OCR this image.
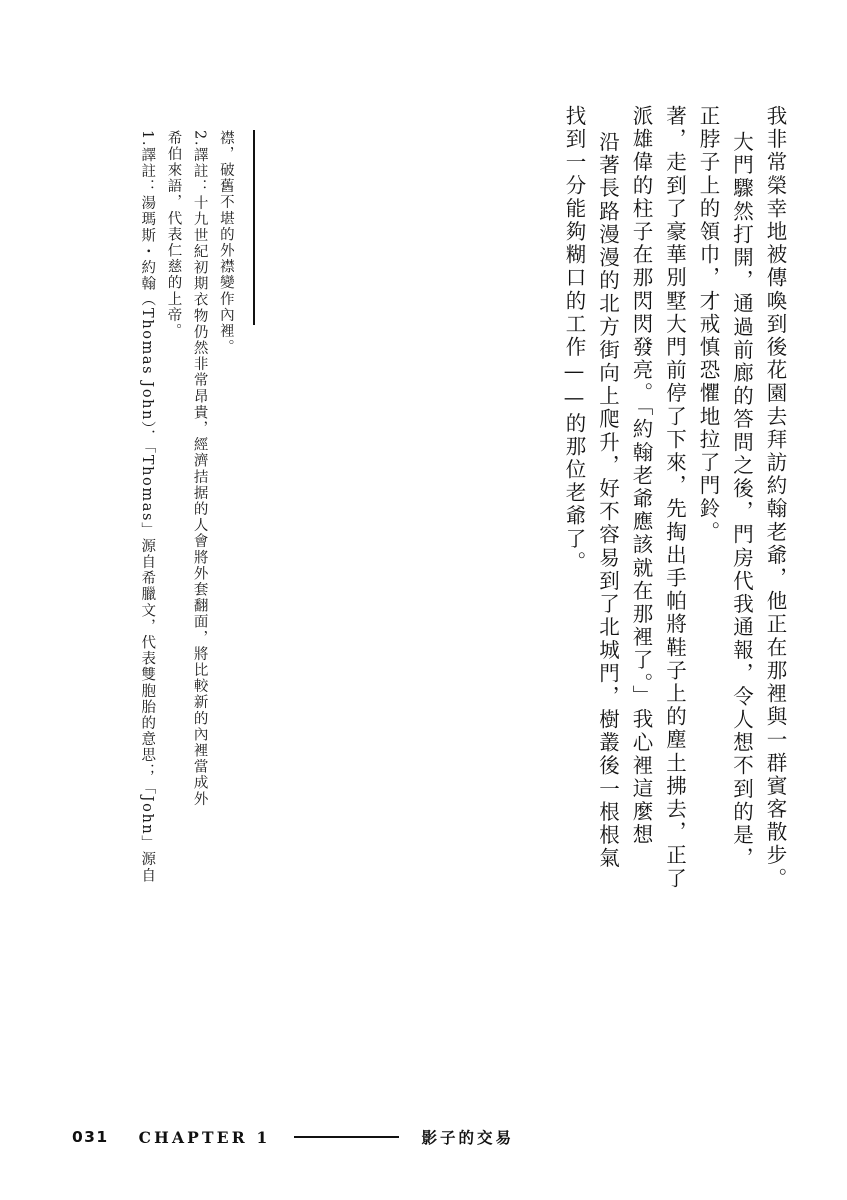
找到一分能夠糊口的工作——的那位老爺了。 沿著長路漫漫的北方街向上爬升，好不容易到了北城門，樹叢後一根根氣 派雄偉的柱子在那閃閃發亮。「約翰老爺應該就在那裡了。」我心裡這麼想 著，走到了豪華別墅大門前停了下來，先掏出手帕將鞋子上的塵土拂去，正了 正脖子上的領巾，才戒慎恐懼地拉了門鈴。 大門驟然打開，通過前廊的答問之後，門房代我通報，令人想不到的是， 我非常榮幸地被傳喚到後花園去拜訪約翰老爺，他正在那裡與一群賓客散步。
1.譯註：湯瑪斯・約翰（Thomas John）．「Thomas」源自希臘文，代表雙胞胎的意思；「John」源自 希伯來語，代表仁慈的上帝。 2.譯註：十九世紀初期衣物仍然非常昂貴，經濟拮据的人會將外套翻面，將比較新的內裡當成外 襟，破舊不堪的外襟變作內裡。
031 CHAPTER 1	影子的交易
